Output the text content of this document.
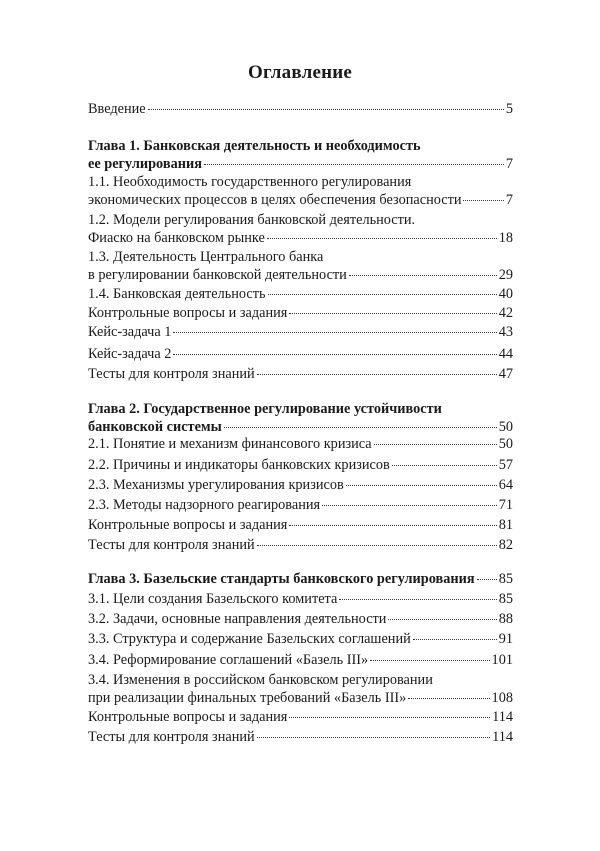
Оглавление
Введение	5
Глава 1. Банковская деятельность и необходимость
ее регулирования	7
1.1. Необходимость государственного регулирования
экономических процессов в целях обеспечения безопасности	7
1.2. Модели регулирования банковской деятельности.
Фиаско на банковском рынке	18
1.3. Деятельность Центрального банка
в регулировании банковской деятельности	29
1.4. Банковская деятельность	40
Контрольные вопросы и задания	42
Кейс-задача 1	43
Кейс-задача 2	44
Тесты для контроля знаний	47
Глава 2. Государственное регулирование устойчивости
банковской системы	50
2.1. Понятие и механизм финансового кризиса	50
2.2. Причины и индикаторы банковских кризисов	57
2.3. Механизмы урегулирования кризисов	64
2.3. Методы надзорного реагирования	71
Контрольные вопросы и задания	81
Тесты для контроля знаний	82
Глава 3. Базельские стандарты банковского регулирования 85
3.1. Цели создания Базельского комитета	85
3.2. Задачи, основные направления деятельности	88
3.3. Структура и содержание Базельских соглашений	91
3.4. Реформирование соглашений «Базель III»	101
3.4. Изменения в российском банковском регулировании
при реализации финальных требований «Базель III»	108
Контрольные вопросы и задания	114
Тесты для контроля знаний	114
